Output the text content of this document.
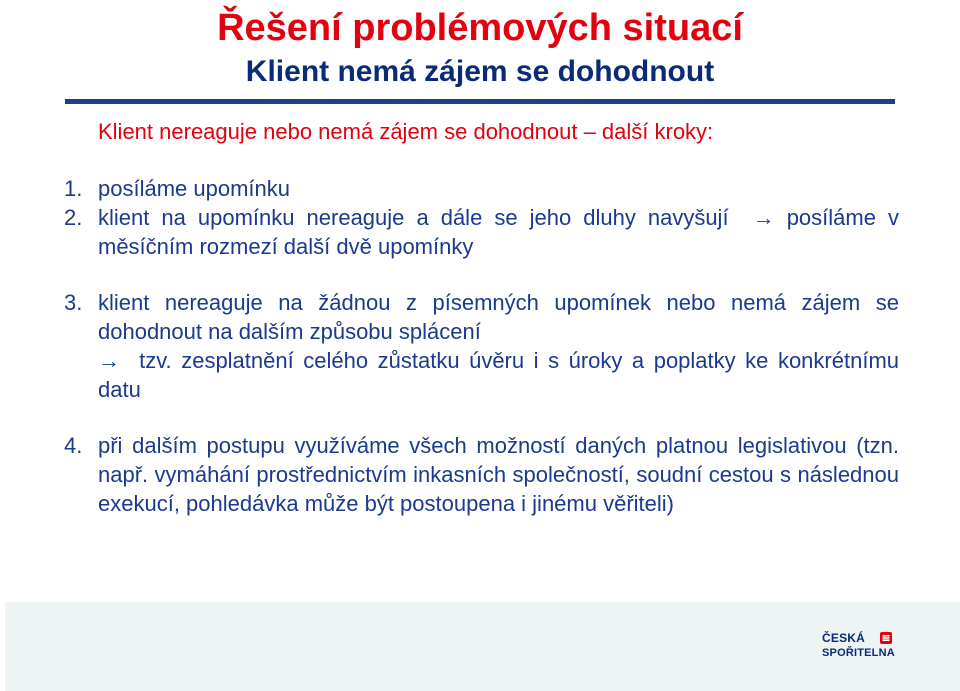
Řešení problémových situací
Klient nemá zájem se dohodnout
Klient nereaguje nebo nemá zájem se dohodnout – další kroky:
1. posíláme upomínku
2. klient na upomínku nereaguje a dále se jeho dluhy navyšují → posíláme v měsíčním rozmezí další dvě upomínky
3. klient nereaguje na žádnou z písemných upomínek nebo nemá zájem se dohodnout na dalším způsobu splácení
→ tzv. zesplatnění celého zůstatku úvěru i s úroky a poplatky ke konkrétnímu datu
4. při dalším postupu využíváme všech možností daných platnou legislativou (tzn. např. vymáhání prostřednictvím inkasních společností, soudní cestou s následnou exekucí, pohledávka může být postoupena i jinému věřiteli)
ČESKÁ
SPOŘITELNA
